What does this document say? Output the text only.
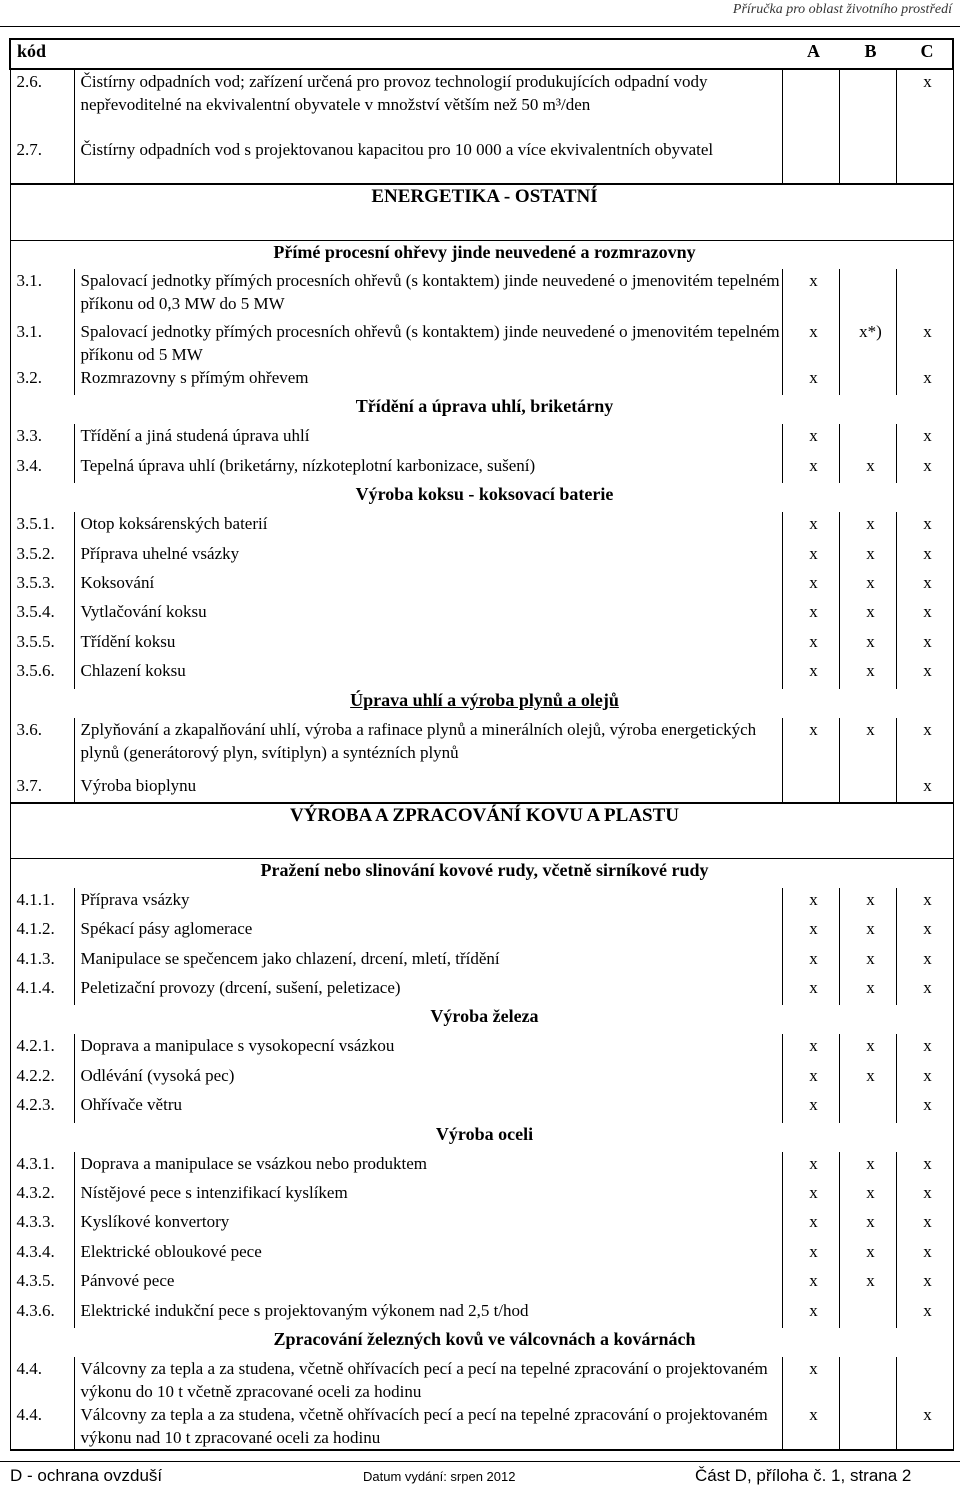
Příručka pro oblast životního prostředí
kód		A	B	C
2.6.	Čistírny odpadních vod; zařízení určená pro provoz technologií produkujících odpadní vody nepřevoditelné na ekvivalentní obyvatele v množství větším než 50 m³/den			x
2.7.	Čistírny odpadních vod s projektovanou kapacitou pro 10 000 a více ekvivalentních obyvatel			
ENERGETIKA - OSTATNÍ				
Přímé procesní ohřevy jinde neuvedené a rozmrazovny				
3.1.	Spalovací jednotky přímých procesních ohřevů (s kontaktem) jinde neuvedené o jmenovitém tepelném příkonu od 0,3 MW do 5 MW	x		
3.1.	Spalovací jednotky přímých procesních ohřevů (s kontaktem) jinde neuvedené o jmenovitém tepelném příkonu od 5 MW	x	x*)	x
3.2.	Rozmrazovny s přímým ohřevem	x		x
Třídění a úprava uhlí, briketárny				
3.3.	Třídění a jiná studená úprava uhlí	x		x
3.4.	Tepelná úprava uhlí (briketárny, nízkoteplotní karbonizace, sušení)	x	x	x
Výroba koksu - koksovací baterie				
3.5.1.	Otop koksárenských baterií	x	x	x
3.5.2.	Příprava uhelné vsázky	x	x	x
3.5.3.	Koksování	x	x	x
3.5.4.	Vytlačování koksu	x	x	x
3.5.5.	Třídění koksu	x	x	x
3.5.6.	Chlazení koksu	x	x	x
Úprava uhlí a výroba plynů a olejů				
3.6.	Zplyňování a zkapalňování uhlí, výroba a rafinace plynů a minerálních olejů, výroba energetických plynů (generátorový plyn, svítiplyn) a syntézních plynů	x	x	x
3.7.	Výroba bioplynu			x
VÝROBA A ZPRACOVÁNÍ KOVU A PLASTU				
Pražení nebo slinování kovové rudy, včetně sirníkové rudy				
4.1.1.	Příprava vsázky	x	x	x
4.1.2.	Spékací pásy aglomerace	x	x	x
4.1.3.	Manipulace se spečencem jako chlazení, drcení, mletí, třídění	x	x	x
4.1.4.	Peletizační provozy (drcení, sušení, peletizace)	x	x	x
Výroba železa				
4.2.1.	Doprava a manipulace s vysokopecní vsázkou	x	x	x
4.2.2.	Odlévání (vysoká pec)	x	x	x
4.2.3.	Ohřívače větru	x		x
Výroba oceli				
4.3.1.	Doprava a manipulace se vsázkou nebo produktem	x	x	x
4.3.2.	Nístějové pece s intenzifikací kyslíkem	x	x	x
4.3.3.	Kyslíkové konvertory	x	x	x
4.3.4.	Elektrické obloukové pece	x	x	x
4.3.5.	Pánvové pece	x	x	x
4.3.6.	Elektrické indukční pece s projektovaným výkonem nad 2,5 t/hod	x		x
Zpracování železných kovů ve válcovnách a kovárnách				
4.4.	Válcovny za tepla a za studena, včetně ohřívacích pecí a pecí na tepelné zpracování o projektovaném výkonu do 10 t včetně zpracované oceli za hodinu	x		
4.4.	Válcovny za tepla a za studena, včetně ohřívacích pecí a pecí na tepelné zpracování o projektovaném výkonu nad 10 t zpracované oceli za hodinu	x		x
D - ochrana ovzduší	Datum vydání: srpen 2012	Část D, příloha č. 1, strana 2
